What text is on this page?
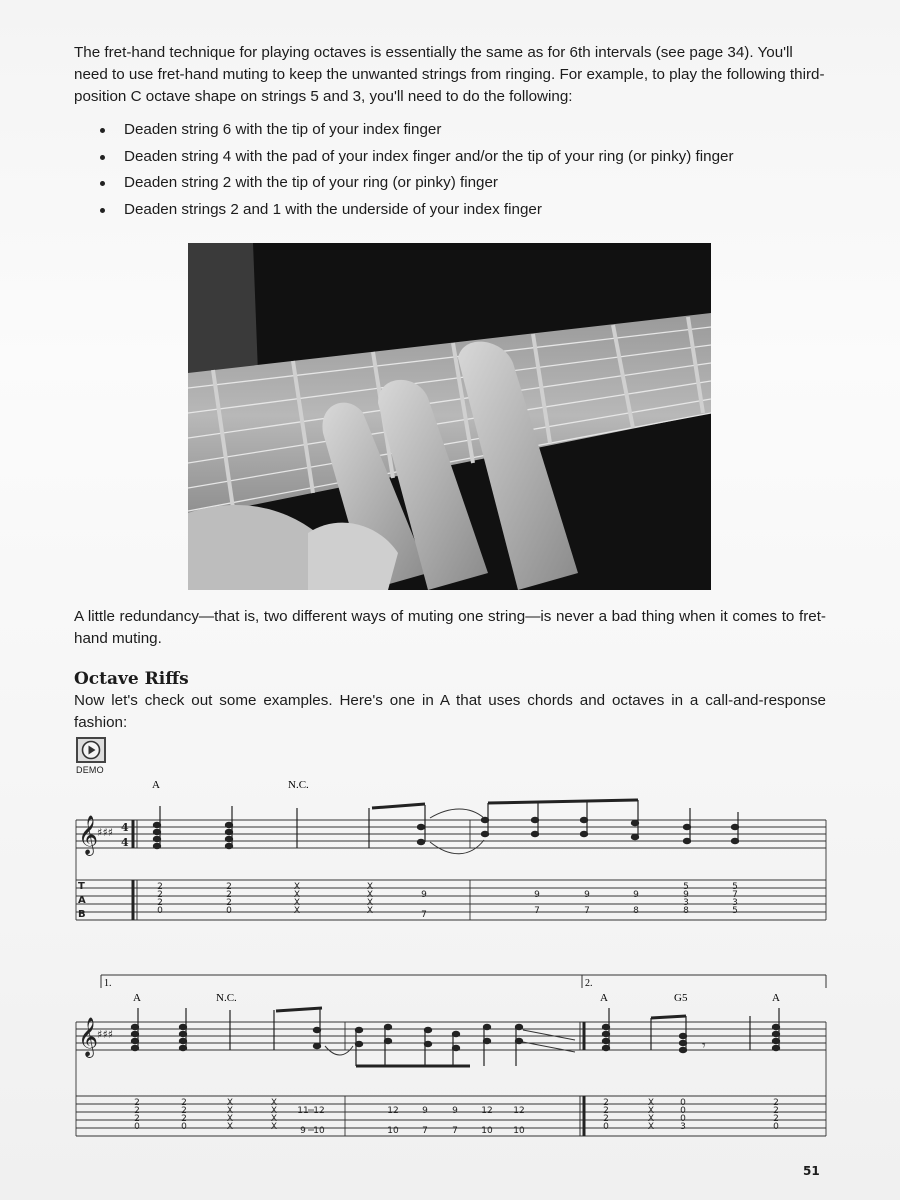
The fret-hand technique for playing octaves is essentially the same as for 6th intervals (see page 34). You'll need to use fret-hand muting to keep the unwanted strings from ringing. For example, to play the following third-position C octave shape on strings 5 and 3, you'll need to do the following:

Deaden string 6 with the tip of your index finger
Deaden string 4 with the pad of your index finger and/or the tip of your ring (or pinky) finger
Deaden string 2 with the tip of your ring (or pinky) finger
Deaden strings 2 and 1 with the underside of your index finger

A little redundancy—that is, two different ways of muting one string—is never a bad thing when it comes to fret-hand muting.

Octave Riffs

Now let's check out some examples. Here's one in A that uses chords and octaves in a call-and-response fashion:

DEMO
𝄞
♯♯♯ 4
4
T
A
B
A	N.C.
2
2
2
0
2
2
2
0
X
X
X
X
X
X
X
X
9
7
9
7
9
7
9
8
9
8
7
5
5
3
5
3
1.	2.
A	N.C.	A	G5	A
𝄞
♯♯♯
𝄾
2
2
2
0
2
2
2
0
X
X
X
X
X
X
X
X
11 12
9 10
12
10
9
7
9
7
12
10
12
10
2
2
2
0
X
X
X
X
0
0
0
3
2
2
2
0
51
